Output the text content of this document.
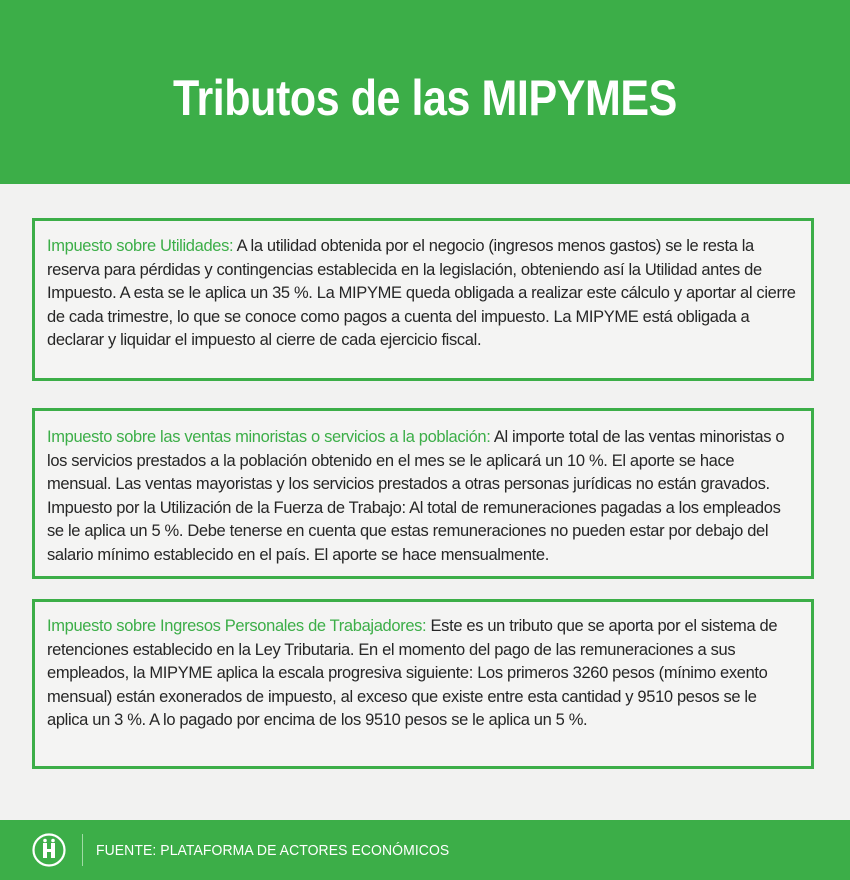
Tributos de las MIPYMES

Impuesto sobre Utilidades: A la utilidad obtenida por el negocio (ingresos menos gastos) se le resta la reserva para pérdidas y contingencias establecida en la legislación, obteniendo así la Utilidad antes de Impuesto. A esta se le aplica un 35 %. La MIPYME queda obligada a realizar este cálculo y aportar al cierre de cada trimestre, lo que se conoce como pagos a cuenta del impuesto. La MIPYME está obligada a declarar y liquidar el impuesto al cierre de cada ejercicio fiscal.

Impuesto sobre las ventas minoristas o servicios a la población: Al importe total de las ventas minoristas o los servicios prestados a la población obtenido en el mes se le aplicará un 10 %. El aporte se hace mensual. Las ventas mayoristas y los servicios prestados a otras personas jurídicas no están gravados. Impuesto por la Utilización de la Fuerza de Trabajo: Al total de remuneraciones pagadas a los empleados se le aplica un 5 %. Debe tenerse en cuenta que estas remuneraciones no pueden estar por debajo del salario mínimo establecido en el país. El aporte se hace mensualmente.

Impuesto sobre Ingresos Personales de Trabajadores: Este es un tributo que se aporta por el sistema de retenciones establecido en la Ley Tributaria. En el momento del pago de las remuneraciones a sus empleados, la MIPYME aplica la escala progresiva siguiente: Los primeros 3260 pesos (mínimo exento mensual) están exonerados de impuesto, al exceso que existe entre esta cantidad y 9510 pesos se le aplica un 3 %. A lo pagado por encima de los 9510 pesos se le aplica un 5 %.

FUENTE: PLATAFORMA DE ACTORES ECONÓMICOS
